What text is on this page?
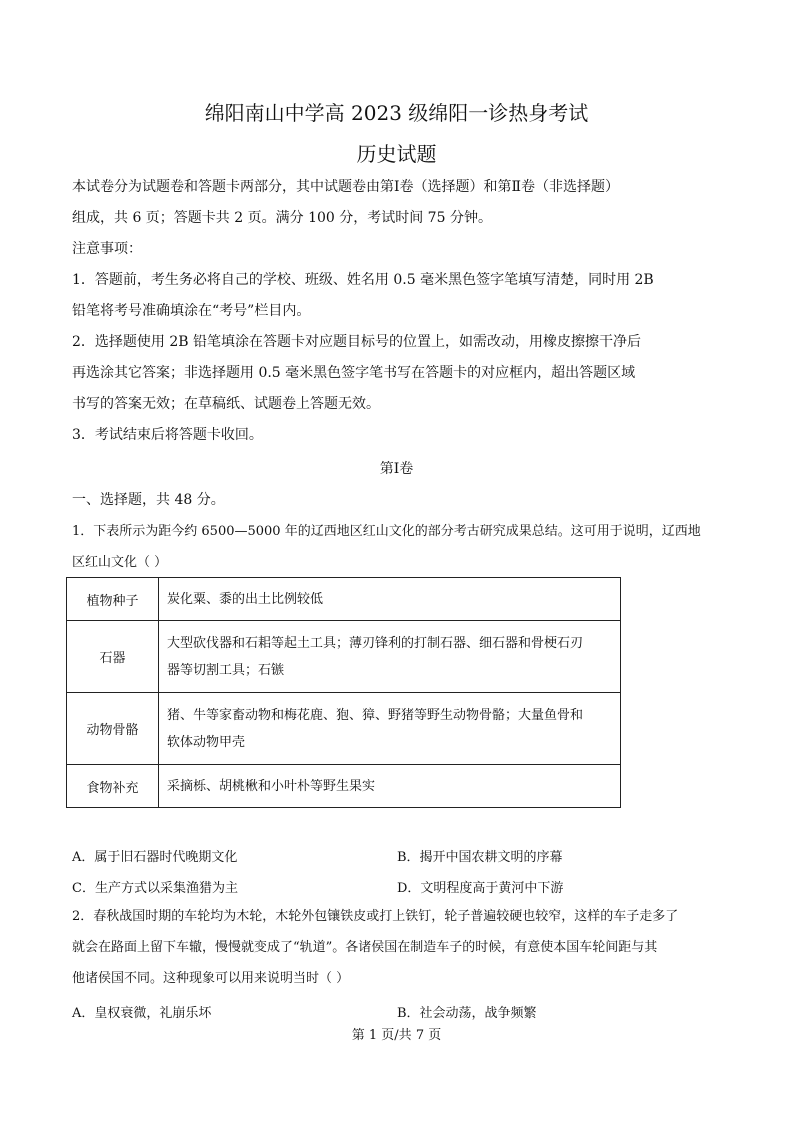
绵阳南山中学高 2023 级绵阳一诊热身考试
历史试题
本试卷分为试题卷和答题卡两部分，其中试题卷由第Ⅰ卷（选择题）和第Ⅱ卷（非选择题）
组成，共 6 页；答题卡共 2 页。满分 100 分，考试时间 75 分钟。
注意事项：
1．答题前，考生务必将自己的学校、班级、姓名用 0.5 毫米黑色签字笔填写清楚，同时用 2B
铅笔将考号准确填涂在“考号”栏目内。
2．选择题使用 2B 铅笔填涂在答题卡对应题目标号的位置上，如需改动，用橡皮擦擦干净后
再选涂其它答案；非选择题用 0.5 毫米黑色签字笔书写在答题卡的对应框内，超出答题区域
书写的答案无效；在草稿纸、试题卷上答题无效。
3．考试结束后将答题卡收回。
第Ⅰ卷
一、选择题，共 48 分。
1．下表所示为距今约 6500—5000 年的辽西地区红山文化的部分考古研究成果总结。这可用于说明，辽西地
区红山文化（ ）
植物种子	炭化粟、黍的出土比例较低
石器	大型砍伐器和石耜等起土工具；薄刃锋利的打制石器、细石器和骨梗石刃
器等切割工具；石镞
动物骨骼	猪、牛等家畜动物和梅花鹿、狍、獐、野猪等野生动物骨骼；大量鱼骨和
软体动物甲壳
食物补充	采摘栎、胡桃楸和小叶朴等野生果实
A．属于旧石器时代晚期文化	B．揭开中国农耕文明的序幕
C．生产方式以采集渔猎为主	D．文明程度高于黄河中下游
2．春秋战国时期的车轮均为木轮，木轮外包镶铁皮或打上铁钉，轮子普遍较硬也较窄，这样的车子走多了
就会在路面上留下车辙，慢慢就变成了“轨道”。各诸侯国在制造车子的时候，有意使本国车轮间距与其
他诸侯国不同。这种现象可以用来说明当时（ ）
A．皇权衰微，礼崩乐坏	B．社会动荡，战争频繁
第 1 页/共 7 页
